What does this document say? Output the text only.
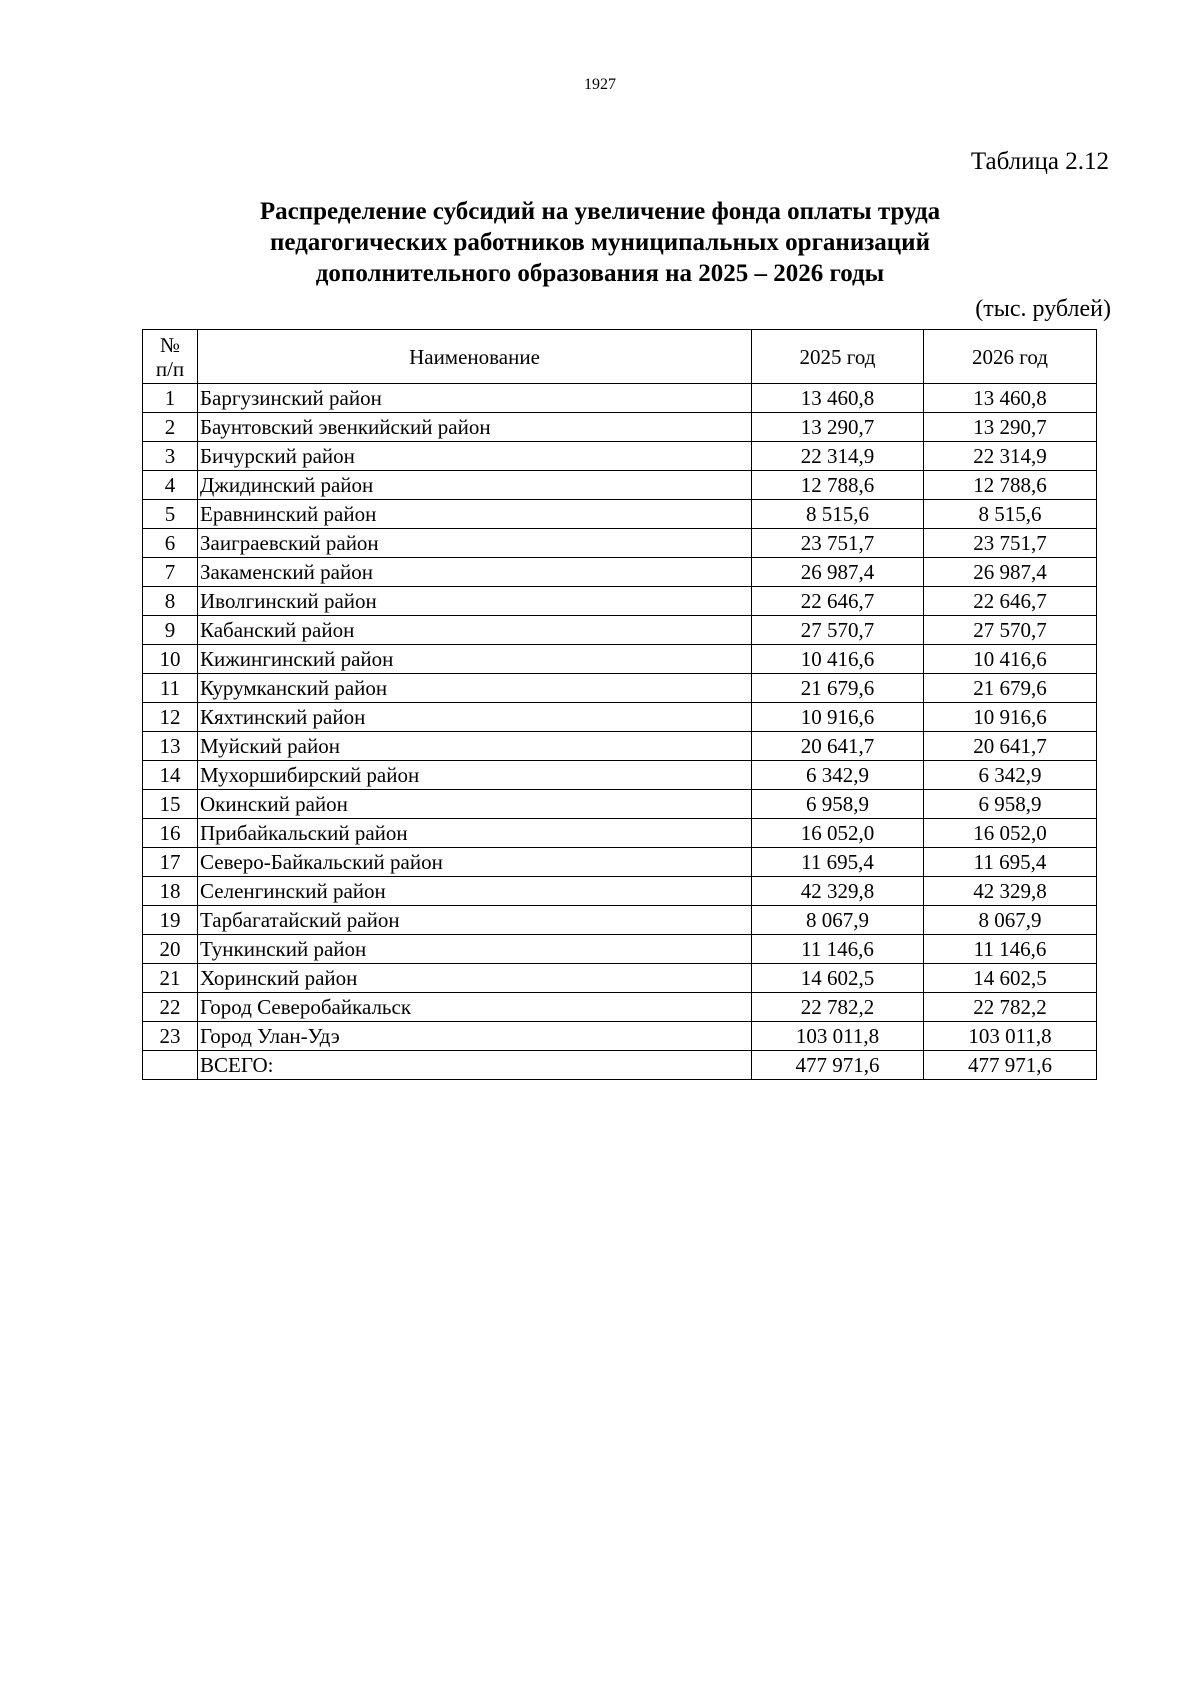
1927
Таблица 2.12
Распределение субсидий на увеличение фонда оплаты труда
педагогических работников муниципальных организаций
дополнительного образования на 2025 – 2026 годы
(тыс. рублей)
№
п/п	Наименование	2025 год	2026 год
1	Баргузинский район	13 460,8	13 460,8
2	Баунтовский эвенкийский район	13 290,7	13 290,7
3	Бичурский район	22 314,9	22 314,9
4	Джидинский район	12 788,6	12 788,6
5	Еравнинский район	8 515,6	8 515,6
6	Заиграевский район	23 751,7	23 751,7
7	Закаменский район	26 987,4	26 987,4
8	Иволгинский район	22 646,7	22 646,7
9	Кабанский район	27 570,7	27 570,7
10	Кижингинский район	10 416,6	10 416,6
11	Курумканский район	21 679,6	21 679,6
12	Кяхтинский район	10 916,6	10 916,6
13	Муйский район	20 641,7	20 641,7
14	Мухоршибирский район	6 342,9	6 342,9
15	Окинский район	6 958,9	6 958,9
16	Прибайкальский район	16 052,0	16 052,0
17	Северо-Байкальский район	11 695,4	11 695,4
18	Селенгинский район	42 329,8	42 329,8
19	Тарбагатайский район	8 067,9	8 067,9
20	Тункинский район	11 146,6	11 146,6
21	Хоринский район	14 602,5	14 602,5
22	Город Северобайкальск	22 782,2	22 782,2
23	Город Улан-Удэ	103 011,8	103 011,8
	ВСЕГО:	477 971,6	477 971,6
